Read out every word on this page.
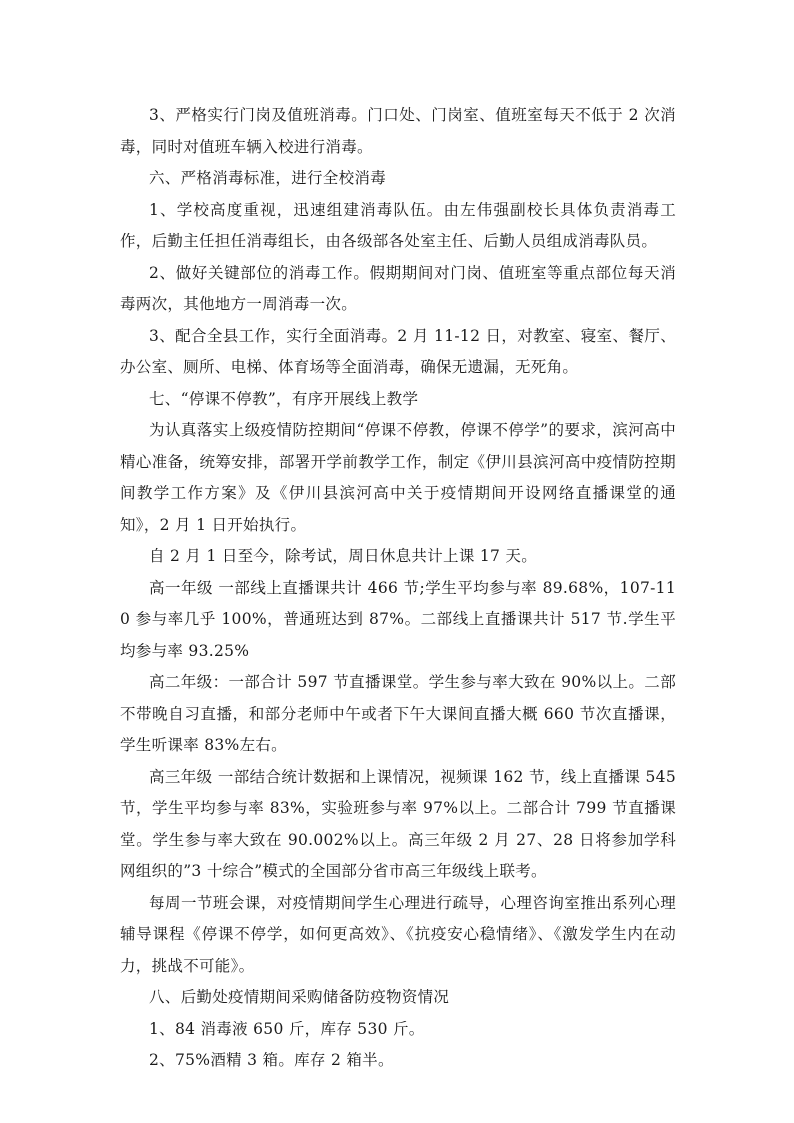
3、严格实行门岗及值班消毒。门口处、门岗室、值班室每天不低于 2 次消毒，同时对值班车辆入校进行消毒。

六、严格消毒标准，进行全校消毒

1、学校高度重视，迅速组建消毒队伍。由左伟强副校长具体负责消毒工作，后勤主任担任消毒组长，由各级部各处室主任、后勤人员组成消毒队员。

2、做好关键部位的消毒工作。假期期间对门岗、值班室等重点部位每天消毒两次，其他地方一周消毒一次。

3、配合全县工作，实行全面消毒。2 月 11-12 日，对教室、寝室、餐厅、办公室、厕所、电梯、体育场等全面消毒，确保无遗漏，无死角。

七、“停课不停教”，有序开展线上教学

为认真落实上级疫情防控期间“停课不停教，停课不停学”的要求，滨河高中精心准备，统筹安排，部署开学前教学工作，制定《伊川县滨河高中疫情防控期间教学工作方案》及《伊川县滨河高中关于疫情期间开设网络直播课堂的通知》，2 月 1 日开始执行。

自 2 月 1 日至今，除考试，周日休息共计上课 17 天。

高一年级 一部线上直播课共计 466 节;学生平均参与率 89.68%，107-110 参与率几乎 100%，普通班达到 87%。二部线上直播课共计 517 节.学生平均参与率 93.25%

高二年级：一部合计 597 节直播课堂。学生参与率大致在 90%以上。二部不带晚自习直播，和部分老师中午或者下午大课间直播大概 660 节次直播课，学生听课率 83%左右。

高三年级 一部结合统计数据和上课情况，视频课 162 节，线上直播课 545 节，学生平均参与率 83%，实验班参与率 97%以上。二部合计 799 节直播课堂。学生参与率大致在 90.002%以上。高三年级 2 月 27、28 日将参加学科网组织的”3 十综合”模式的全国部分省市高三年级线上联考。

每周一节班会课，对疫情期间学生心理进行疏导，心理咨询室推出系列心理辅导课程《停课不停学，如何更高效》、《抗疫安心稳情绪》、《激发学生内在动力，挑战不可能》。

八、后勤处疫情期间采购储备防疫物资情况

1、84 消毒液 650 斤，库存 530 斤。

2、75%酒精 3 箱。库存 2 箱半。
